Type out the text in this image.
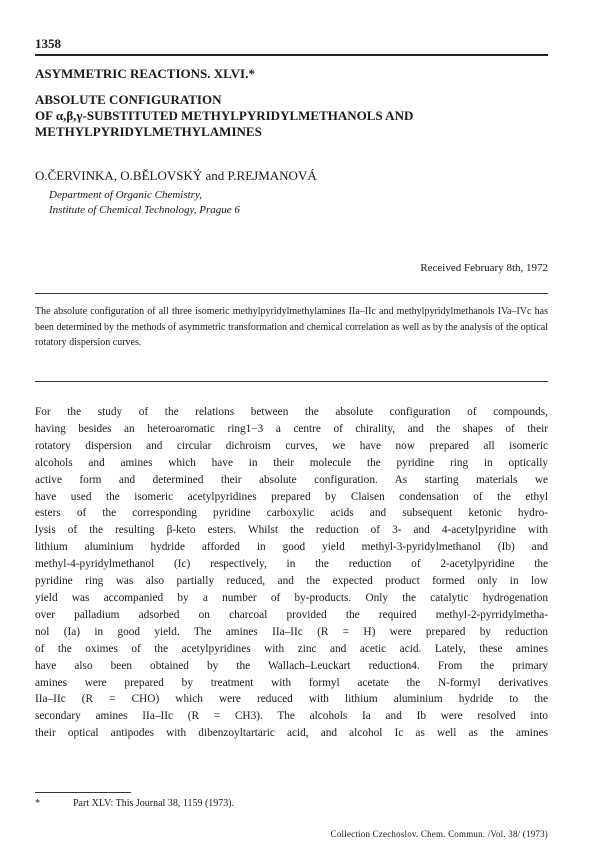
1358
ASYMMETRIC REACTIONS. XLVI.*
ABSOLUTE CONFIGURATION
OF α,β,γ-SUBSTITUTED METHYLPYRIDYLMETHANOLS AND
METHYLPYRIDYLMETHYLAMINES
O.ČERVINKA, O.BĚLOVSKÝ and P.REJMANOVÁ
Department of Organic Chemistry,
Institute of Chemical Technology, Prague 6
Received February 8th, 1972
The absolute configuration of all three isomeric methylpyridylmethylamines IIa–IIc and methylpyridylmethanols IVa–IVc has been determined by the methods of asymmetric transformation and chemical correlation as well as by the analysis of the optical rotatory dispersion curves.
For the study of the relations between the absolute configuration of compounds,
having besides an heteroaromatic ring1−3 a centre of chirality, and the shapes of their
rotatory dispersion and circular dichroism curves, we have now prepared all isomeric
alcohols and amines which have in their molecule the pyridine ring in optically
active form and determined their absolute configuration. As starting materials we
have used the isomeric acetylpyridines prepared by Claisen condensation of the ethyl
esters of the corresponding pyridine carboxylic acids and subsequent ketonic hydro-
lysis of the resulting β-keto esters. Whilst the reduction of 3- and 4-acetylpyridine with
lithium aluminium hydride afforded in good yield methyl-3-pyridylmethanol (Ib) and
methyl-4-pyridylmethanol (Ic) respectively, in the reduction of 2-acetylpyridine the
pyridine ring was also partially reduced, and the expected product formed only in low
yield was accompanied by a number of by-products. Only the catalytic hydrogenation
over palladium adsorbed on charcoal provided the required methyl-2-pyrridylmetha-
nol (Ia) in good yield. The amines IIa–IIc (R = H) were prepared by reduction
of the oximes of the acetylpyridines with zinc and acetic acid. Lately, these amines
have also been obtained by the Wallach–Leuckart reduction4. From the primary
amines were prepared by treatment with formyl acetate the N-formyl derivatives
IIa–IIc (R = CHO) which were reduced with lithium aluminium hydride to the
secondary amines IIa–IIc (R = CH3). The alcohols Ia and Ib were resolved into
their optical antipodes with dibenzoyltartaric acid, and alcohol Ic as well as the amines
*	Part XLV: This Journal 38, 1159 (1973).
Collection Czechoslov. Chem. Commun. /Vol. 38/ (1973)
